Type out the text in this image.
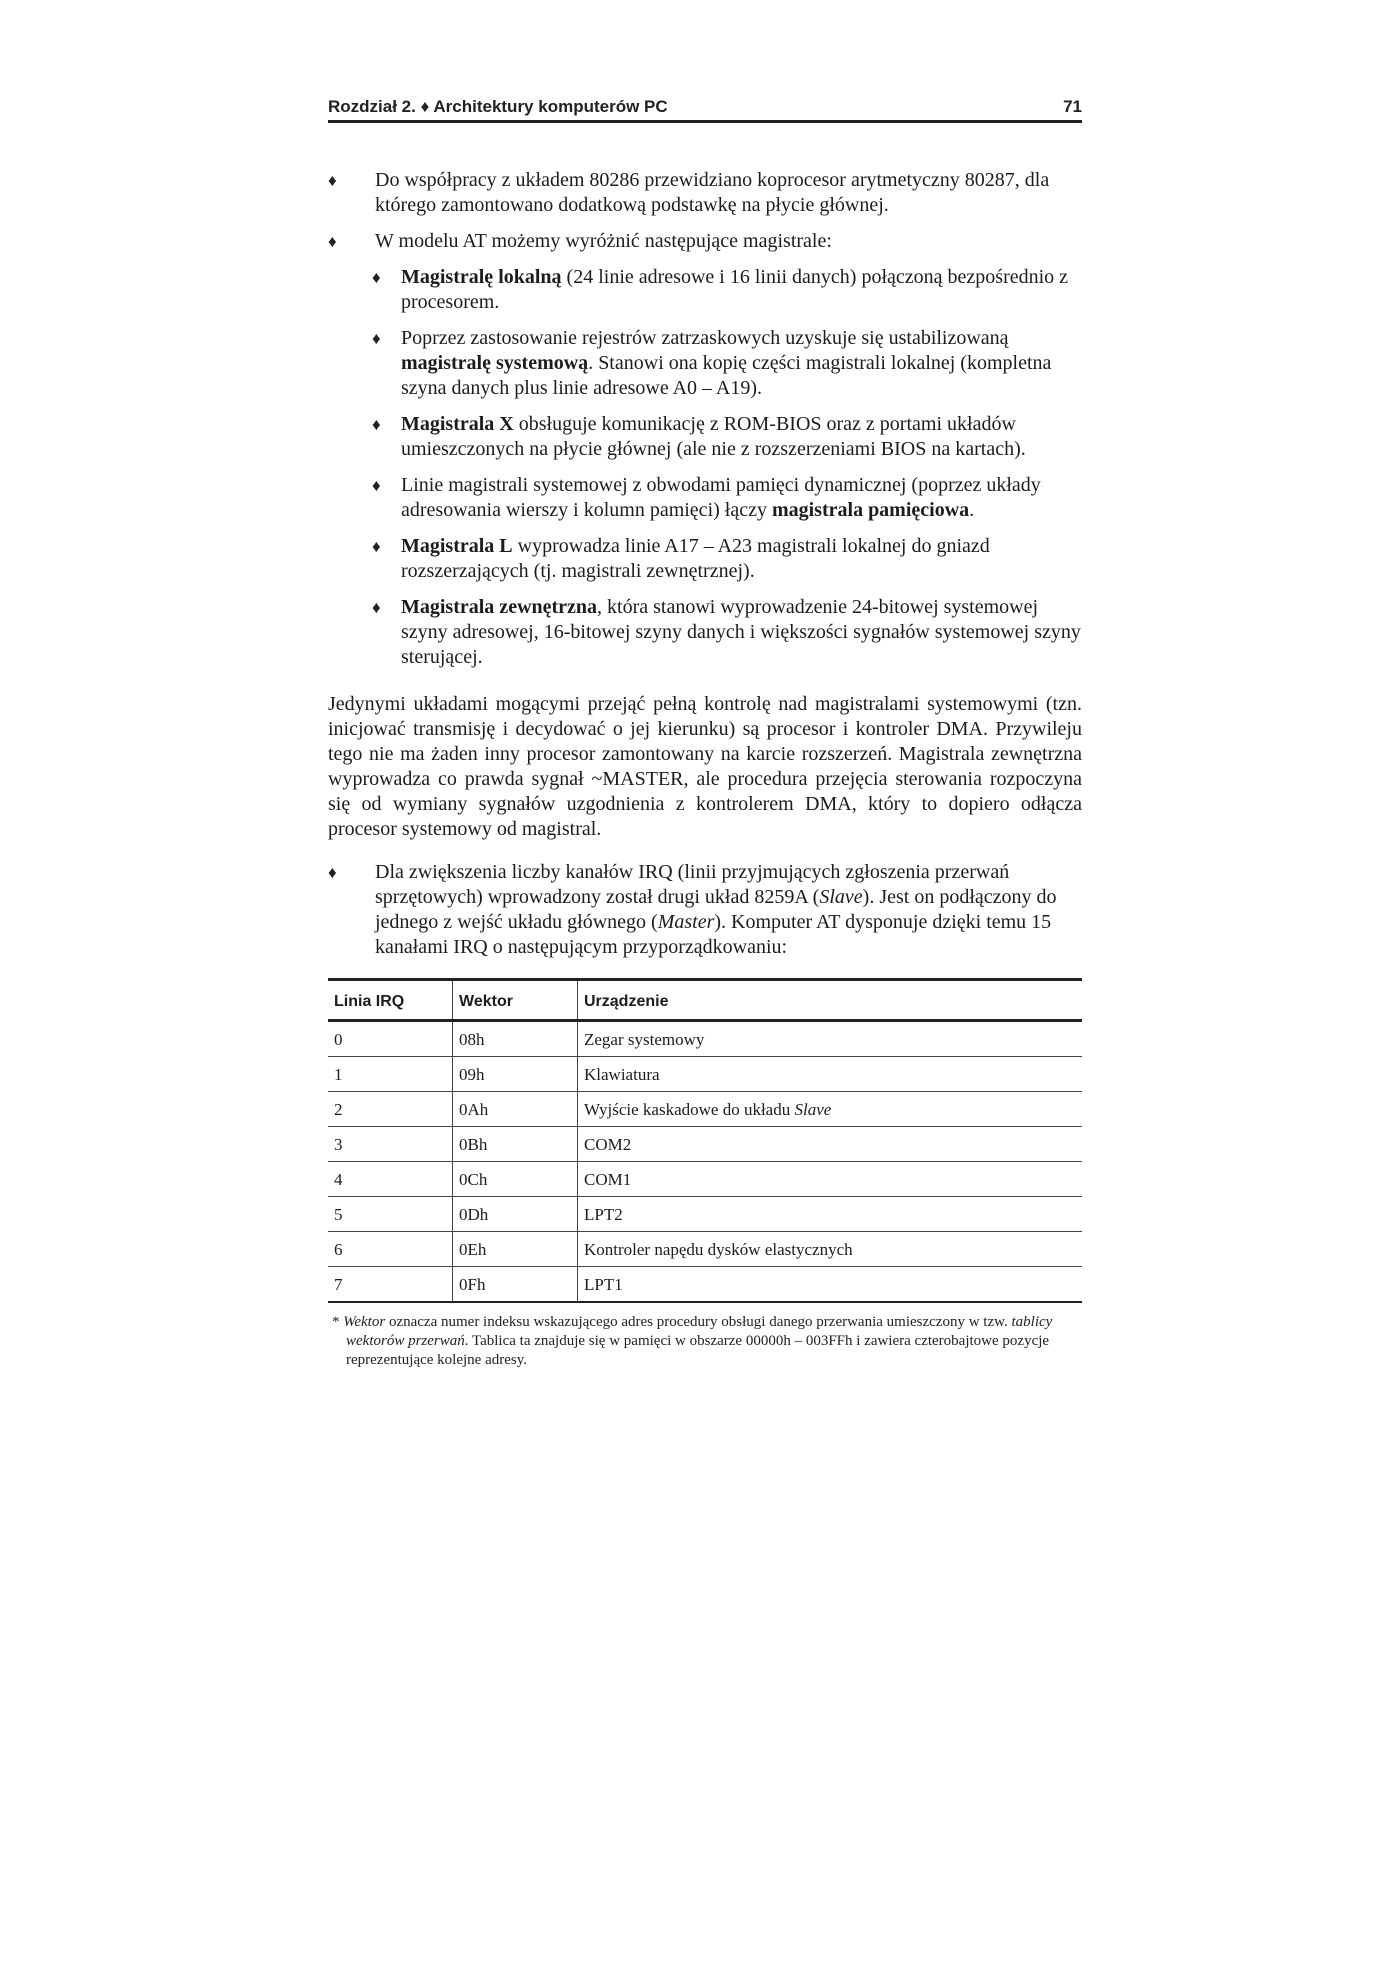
Rozdział 2. ♦ Architektury komputerów PC	71
♦ Do współpracy z układem 80286 przewidziano koprocesor arytmetyczny 80287, dla którego zamontowano dodatkową podstawkę na płycie głównej.
♦ W modelu AT możemy wyróżnić następujące magistrale:
♦ Magistralę lokalną (24 linie adresowe i 16 linii danych) połączoną bezpośrednio z procesorem.
♦ Poprzez zastosowanie rejestrów zatrzaskowych uzyskuje się ustabilizowaną magistralę systemową. Stanowi ona kopię części magistrali lokalnej (kompletna szyna danych plus linie adresowe A0 – A19).
♦ Magistrala X obsługuje komunikację z ROM-BIOS oraz z portami układów umieszczonych na płycie głównej (ale nie z rozszerzeniami BIOS na kartach).
♦ Linie magistrali systemowej z obwodami pamięci dynamicznej (poprzez układy adresowania wierszy i kolumn pamięci) łączy magistrala pamięciowa.
♦ Magistrala L wyprowadza linie A17 – A23 magistrali lokalnej do gniazd rozszerzających (tj. magistrali zewnętrznej).
♦ Magistrala zewnętrzna, która stanowi wyprowadzenie 24-bitowej systemowej szyny adresowej, 16-bitowej szyny danych i większości sygnałów systemowej szyny sterującej.
Jedynymi układami mogącymi przejąć pełną kontrolę nad magistralami systemowymi (tzn. inicjować transmisję i decydować o jej kierunku) są procesor i kontroler DMA. Przywileju tego nie ma żaden inny procesor zamontowany na karcie rozszerzeń. Magistrala zewnętrzna wyprowadza co prawda sygnał ~MASTER, ale procedura przejęcia sterowania rozpoczyna się od wymiany sygnałów uzgodnienia z kontrolerem DMA, który to dopiero odłącza procesor systemowy od magistral.
♦ Dla zwiększenia liczby kanałów IRQ (linii przyjmujących zgłoszenia przerwań sprzętowych) wprowadzony został drugi układ 8259A (Slave). Jest on podłączony do jednego z wejść układu głównego (Master). Komputer AT dysponuje dzięki temu 15 kanałami IRQ o następującym przyporządkowaniu:
Linia IRQ	Wektor	Urządzenie
0	08h	Zegar systemowy
1	09h	Klawiatura
2	0Ah	Wyjście kaskadowe do układu Slave
3	0Bh	COM2
4	0Ch	COM1
5	0Dh	LPT2
6	0Eh	Kontroler napędu dysków elastycznych
7	0Fh	LPT1
* Wektor oznacza numer indeksu wskazującego adres procedury obsługi danego przerwania umieszczony w tzw. tablicy wektorów przerwań. Tablica ta znajduje się w pamięci w obszarze 00000h – 003FFh i zawiera czterobajtowe pozycje reprezentujące kolejne adresy.
